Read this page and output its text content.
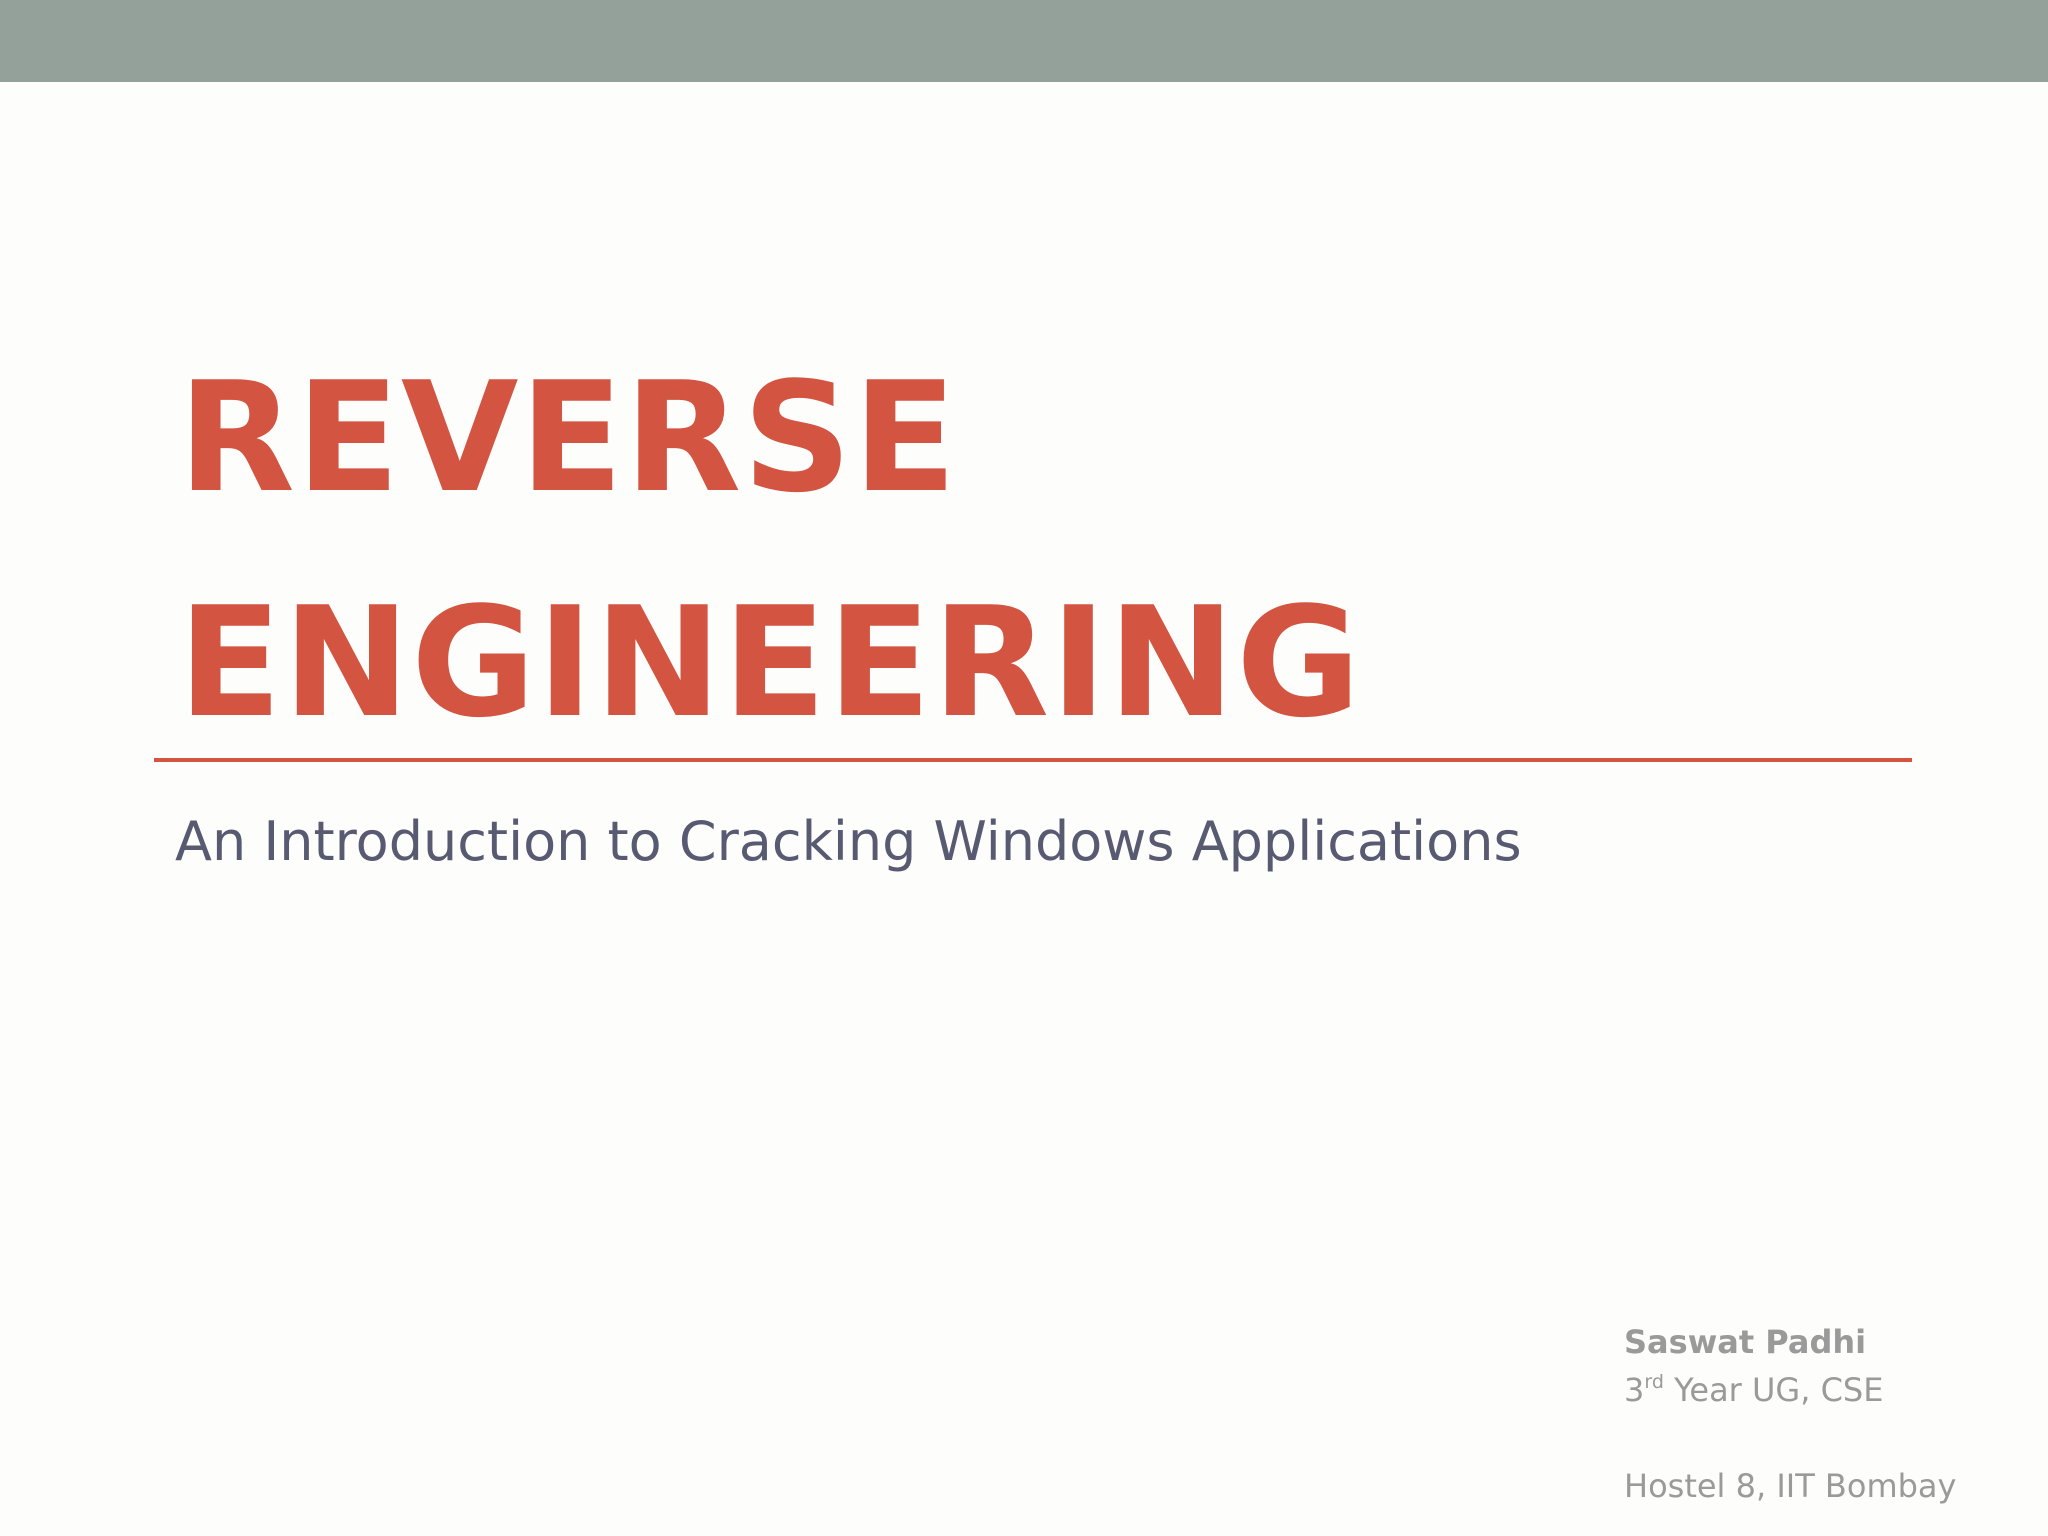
REVERSE
ENGINEERING

An Introduction to Cracking Windows Applications

Saswat Padhi
3rd Year UG, CSE
Hostel 8, IIT Bombay
